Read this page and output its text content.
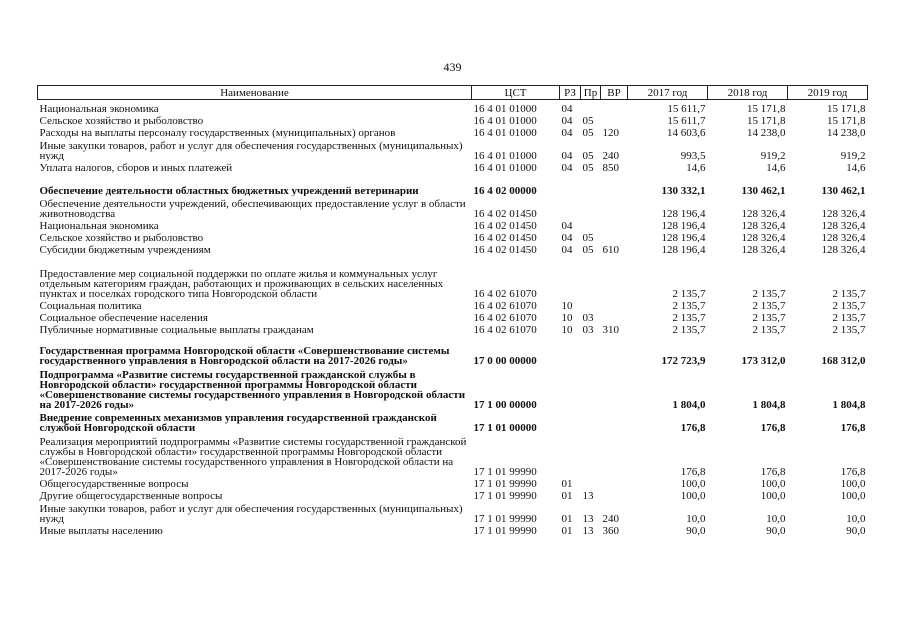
439
Наименование	ЦСТ	РЗ	Пр	ВР	2017 год	2018 год	2019 год
Национальная экономика	16 4 01 01000	04			15 611,7	15 171,8	15 171,8
Сельское хозяйство и рыболовство	16 4 01 01000	04	05		15 611,7	15 171,8	15 171,8
Расходы на выплаты персоналу государственных (муниципальных) органов	16 4 01 01000	04	05	120	14 603,6	14 238,0	14 238,0
Иные закупки товаров, работ и услуг для обеспечения государственных (муниципальных) нужд	16 4 01 01000	04	05	240	993,5	919,2	919,2
Уплата налогов, сборов и иных платежей	16 4 01 01000	04	05	850	14,6	14,6	14,6
Обеспечение деятельности областных бюджетных учреждений ветеринарии	16 4 02 00000				130 332,1	130 462,1	130 462,1
Обеспечение деятельности учреждений, обеспечивающих предоставление услуг в области животноводства	16 4 02 01450				128 196,4	128 326,4	128 326,4
Национальная экономика	16 4 02 01450	04			128 196,4	128 326,4	128 326,4
Сельское хозяйство и рыболовство	16 4 02 01450	04	05		128 196,4	128 326,4	128 326,4
Субсидии бюджетным учреждениям	16 4 02 01450	04	05	610	128 196,4	128 326,4	128 326,4
Предоставление мер социальной поддержки по оплате жилья и коммунальных услуг отдельным категориям граждан, работающих и проживающих в сельских населенных пунктах и поселках городского типа Новгородской области	16 4 02 61070				2 135,7	2 135,7	2 135,7
Социальная политика	16 4 02 61070	10			2 135,7	2 135,7	2 135,7
Социальное обеспечение населения	16 4 02 61070	10	03		2 135,7	2 135,7	2 135,7
Публичные нормативные социальные выплаты гражданам	16 4 02 61070	10	03	310	2 135,7	2 135,7	2 135,7
Государственная программа Новгородской области «Совершенствование системы государственного управления в Новгородской области на 2017-2026 годы»	17 0 00 00000				172 723,9	173 312,0	168 312,0
Подпрограмма «Развитие системы государственной гражданской службы в Новгородской области» государственной программы Новгородской области «Совершенствование системы государственного управления в Новгородской области на 2017-2026 годы»	17 1 00 00000				1 804,0	1 804,8	1 804,8
Внедрение современных механизмов управления государственной гражданской службой Новгородской области	17 1 01 00000				176,8	176,8	176,8
Реализация мероприятий подпрограммы «Развитие системы государственной гражданской службы в Новгородской области» государственной программы Новгородской области «Совершенствование системы государственного управления в Новгородской области на 2017-2026 годы»	17 1 01 99990				176,8	176,8	176,8
Общегосударственные вопросы	17 1 01 99990	01			100,0	100,0	100,0
Другие общегосударственные вопросы	17 1 01 99990	01	13		100,0	100,0	100,0
Иные закупки товаров, работ и услуг для обеспечения государственных (муниципальных) нужд	17 1 01 99990	01	13	240	10,0	10,0	10,0
Иные выплаты населению	17 1 01 99990	01	13	360	90,0	90,0	90,0
